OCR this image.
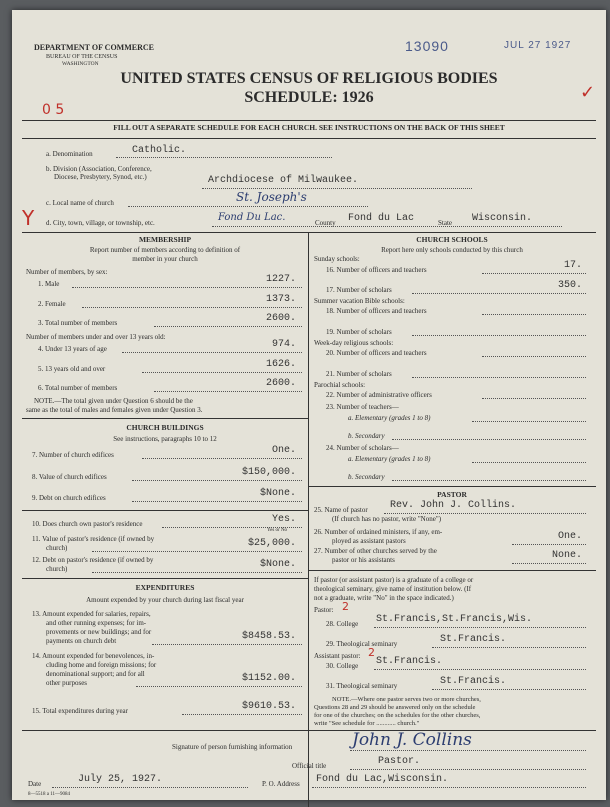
DEPARTMENT OF COMMERCE
BUREAU OF THE CENSUS
WASHINGTON
13090	JUL 27 1927
✓
UNITED STATES CENSUS OF RELIGIOUS BODIES
SCHEDULE: 1926
0 5
FILL OUT A SEPARATE SCHEDULE FOR EACH CHURCH. SEE INSTRUCTIONS ON THE BACK OF THIS SHEET
a. Denomination	Catholic.
b. Division (Association, Conference,
Diocese, Presbytery, Synod, etc.)	Archdiocese of Milwaukee.
c. Local name of church	St. Joseph's
Y d. City, town, village, or township, etc.	Fond Du Lac.	County Fond du Lac	State Wisconsin.
MEMBERSHIP
Report number of members according to definition of
member in your church
Number of members, by sex:
1. Male	1227.
2. Female	1373.
3. Total number of members	2600.
Number of members under and over 13 years old:
4. Under 13 years of age	974.
5. 13 years old and over	1626.
6. Total number of members	2600.
NOTE.—The total given under Question 6 should be the
same as the total of males and females given under Question 3.
CHURCH BUILDINGS
See instructions, paragraphs 10 to 12
7. Number of church edifices	One.
8. Value of church edifices	$150,000.
9. Debt on church edifices	$None.
10. Does church own pastor's residence	Yes.
Yes or No
11. Value of pastor's residence (if owned by
church)	$25,000.
12. Debt on pastor's residence (if owned by
church)	$None.
EXPENDITURES
Amount expended by your church during last fiscal year
13. Amount expended for salaries, repairs,
and other running expenses; for im-
provements or new buildings; and for
payments on church debt	$8458.53.
14. Amount expended for benevolences, in-
cluding home and foreign missions; for
denominational support; and for all
other purposes	$1152.00.
15. Total expenditures during year	$9610.53.
CHURCH SCHOOLS
Report here only schools conducted by this church
Sunday schools:
16. Number of officers and teachers	17.
17. Number of scholars	350.
Summer vacation Bible schools:
18. Number of officers and teachers
19. Number of scholars
Week-day religious schools:
20. Number of officers and teachers
21. Number of scholars
Parochial schools:
22. Number of administrative officers
23. Number of teachers—
a. Elementary (grades 1 to 8)
b. Secondary
24. Number of scholars—
a. Elementary (grades 1 to 8)
b. Secondary
PASTOR
25. Name of pastor
(If church has no pastor, write "None")
Rev. John J. Collins.
26. Number of ordained ministers, if any, em-
ployed as assistant pastors	One.
27. Number of other churches served by the
pastor or his assistants	None.
If pastor (or assistant pastor) is a graduate of a college or
theological seminary, give name of institution below. (If
not a graduate, write "No" in the space indicated.)
Pastor: 2
28. College St.Francis,St.Francis,Wis.
29. Theological seminary	St.Francis.
Assistant pastor: 2
30. College St.Francis.
31. Theological seminary	St.Francis.
NOTE.—Where one pastor serves two or more churches,
Questions 28 and 29 should be answered only on the schedule
for one of the churches; on the schedules for the other churches,
write "See schedule for ............ church."
Signature of person furnishing information	John J. Collins
Official title	Pastor.
Date	July 25, 1927.	P. O. Address Fond du Lac,Wisconsin.
8—5518 a 11—9084
